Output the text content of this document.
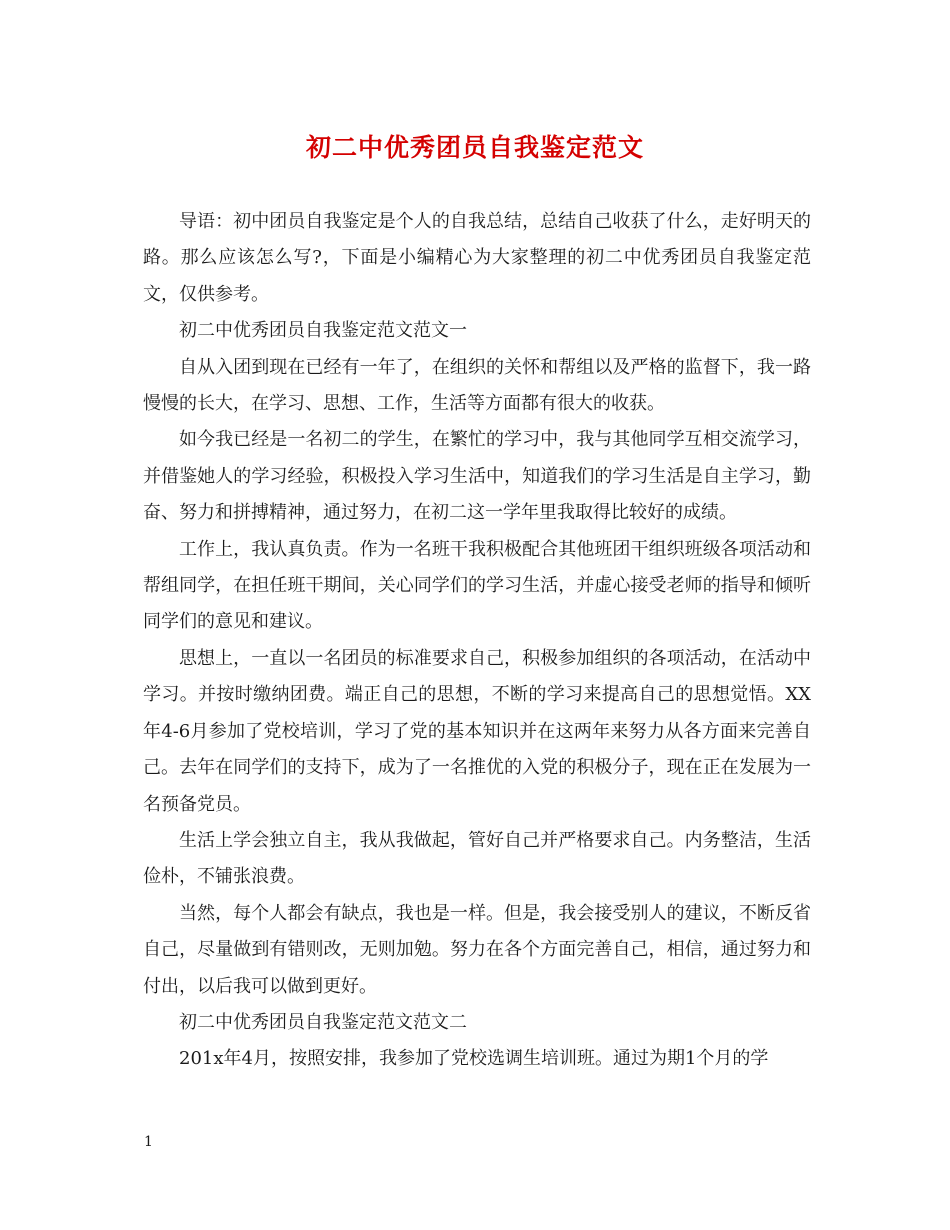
初二中优秀团员自我鉴定范文

导语：初中团员自我鉴定是个人的自我总结，总结自己收获了什么，走好明天的路。那么应该怎么写?，下面是小编精心为大家整理的初二中优秀团员自我鉴定范文，仅供参考。

初二中优秀团员自我鉴定范文范文一

自从入团到现在已经有一年了，在组织的关怀和帮组以及严格的监督下，我一路慢慢的长大，在学习、思想、工作，生活等方面都有很大的收获。

如今我已经是一名初二的学生，在繁忙的学习中，我与其他同学互相交流学习，并借鉴她人的学习经验，积极投入学习生活中，知道我们的学习生活是自主学习，勤奋、努力和拼搏精神，通过努力，在初二这一学年里我取得比较好的成绩。

工作上，我认真负责。作为一名班干我积极配合其他班团干组织班级各项活动和帮组同学，在担任班干期间，关心同学们的学习生活，并虚心接受老师的指导和倾听同学们的意见和建议。

思想上，一直以一名团员的标准要求自己，积极参加组织的各项活动，在活动中学习。并按时缴纳团费。端正自己的思想，不断的学习来提高自己的思想觉悟。XX年4-6月参加了党校培训，学习了党的基本知识并在这两年来努力从各方面来完善自己。去年在同学们的支持下，成为了一名推优的入党的积极分子，现在正在发展为一名预备党员。

生活上学会独立自主，我从我做起，管好自己并严格要求自己。内务整洁，生活俭朴，不铺张浪费。

当然，每个人都会有缺点，我也是一样。但是，我会接受别人的建议，不断反省自己，尽量做到有错则改，无则加勉。努力在各个方面完善自己，相信，通过努力和付出，以后我可以做到更好。

初二中优秀团员自我鉴定范文范文二

201x年4月，按照安排，我参加了党校选调生培训班。通过为期1个月的学

1
